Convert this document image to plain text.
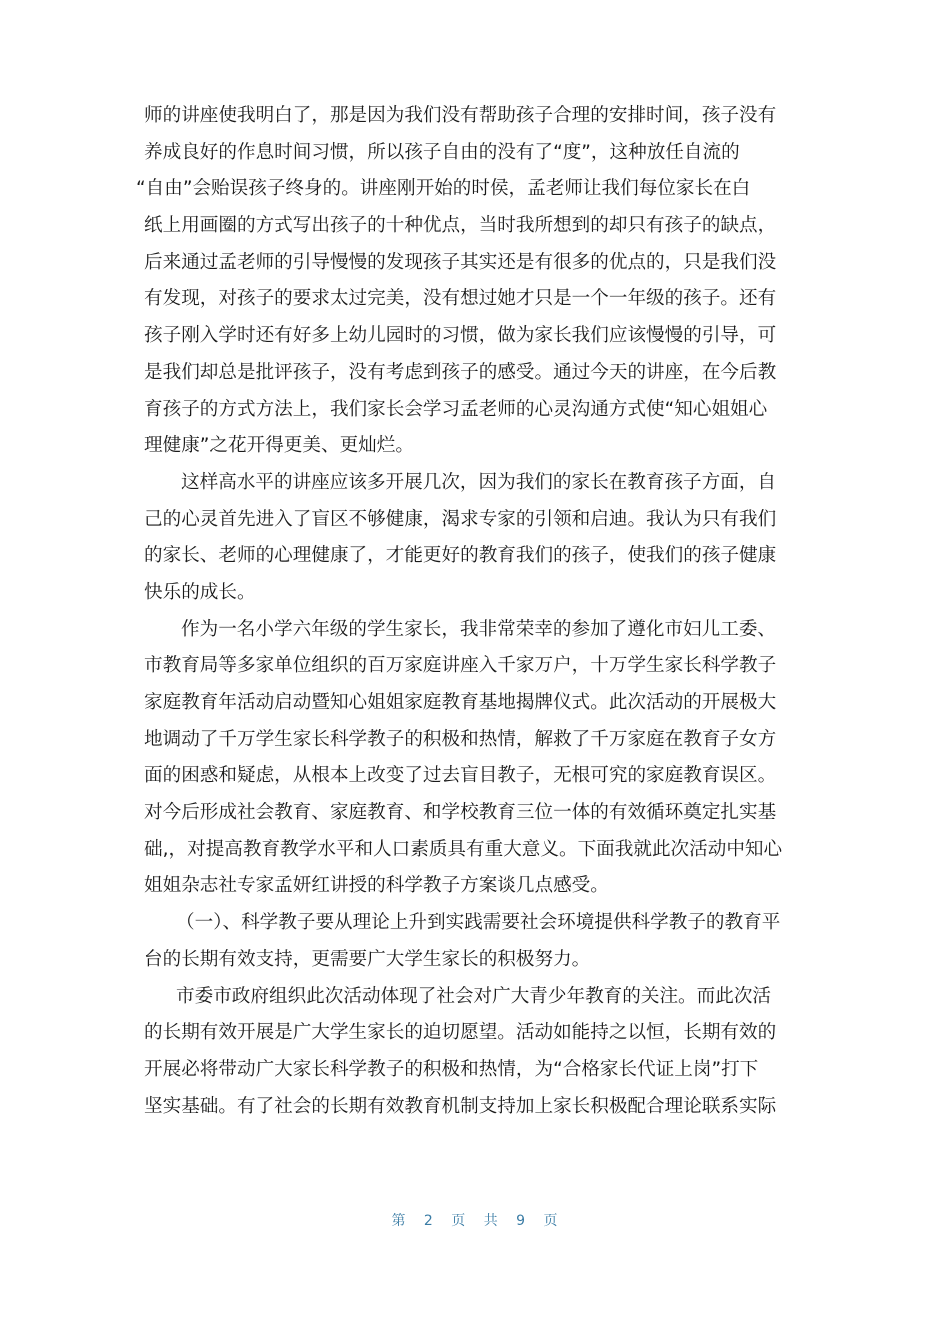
师的讲座使我明白了，那是因为我们没有帮助孩子合理的安排时间，孩子没有
养成良好的作息时间习惯，所以孩子自由的没有了“度”，这种放任自流的
“自由”会贻误孩子终身的。讲座刚开始的时侯，孟老师让我们每位家长在白
纸上用画圈的方式写出孩子的十种优点，当时我所想到的却只有孩子的缺点，
后来通过孟老师的引导慢慢的发现孩子其实还是有很多的优点的，只是我们没
有发现，对孩子的要求太过完美，没有想过她才只是一个一年级的孩子。还有
孩子刚入学时还有好多上幼儿园时的习惯，做为家长我们应该慢慢的引导，可
是我们却总是批评孩子，没有考虑到孩子的感受。通过今天的讲座，在今后教
育孩子的方式方法上，我们家长会学习孟老师的心灵沟通方式使“知心姐姐心
理健康”之花开得更美、更灿烂。
这样高水平的讲座应该多开展几次，因为我们的家长在教育孩子方面，自
己的心灵首先进入了盲区不够健康，渴求专家的引领和启迪。我认为只有我们
的家长、老师的心理健康了，才能更好的教育我们的孩子，使我们的孩子健康
快乐的成长。
作为一名小学六年级的学生家长，我非常荣幸的参加了遵化市妇儿工委、
市教育局等多家单位组织的百万家庭讲座入千家万户，十万学生家长科学教子
家庭教育年活动启动暨知心姐姐家庭教育基地揭牌仪式。此次活动的开展极大
地调动了千万学生家长科学教子的积极和热情，解救了千万家庭在教育子女方
面的困惑和疑虑，从根本上改变了过去盲目教子，无根可究的家庭教育误区。
对今后形成社会教育、家庭教育、和学校教育三位一体的有效循环奠定扎实基
础,，对提高教育教学水平和人口素质具有重大意义。下面我就此次活动中知心
姐姐杂志社专家孟妍红讲授的科学教子方案谈几点感受。
（一）、科学教子要从理论上升到实践需要社会环境提供科学教子的教育平
台的长期有效支持，更需要广大学生家长的积极努力。
市委市政府组织此次活动体现了社会对广大青少年教育的关注。而此次活
的长期有效开展是广大学生家长的迫切愿望。活动如能持之以恒，长期有效的
开展必将带动广大家长科学教子的积极和热情，为“合格家长代证上岗”打下
坚实基础。有了社会的长期有效教育机制支持加上家长积极配合理论联系实际
第 2 页 共 9 页
